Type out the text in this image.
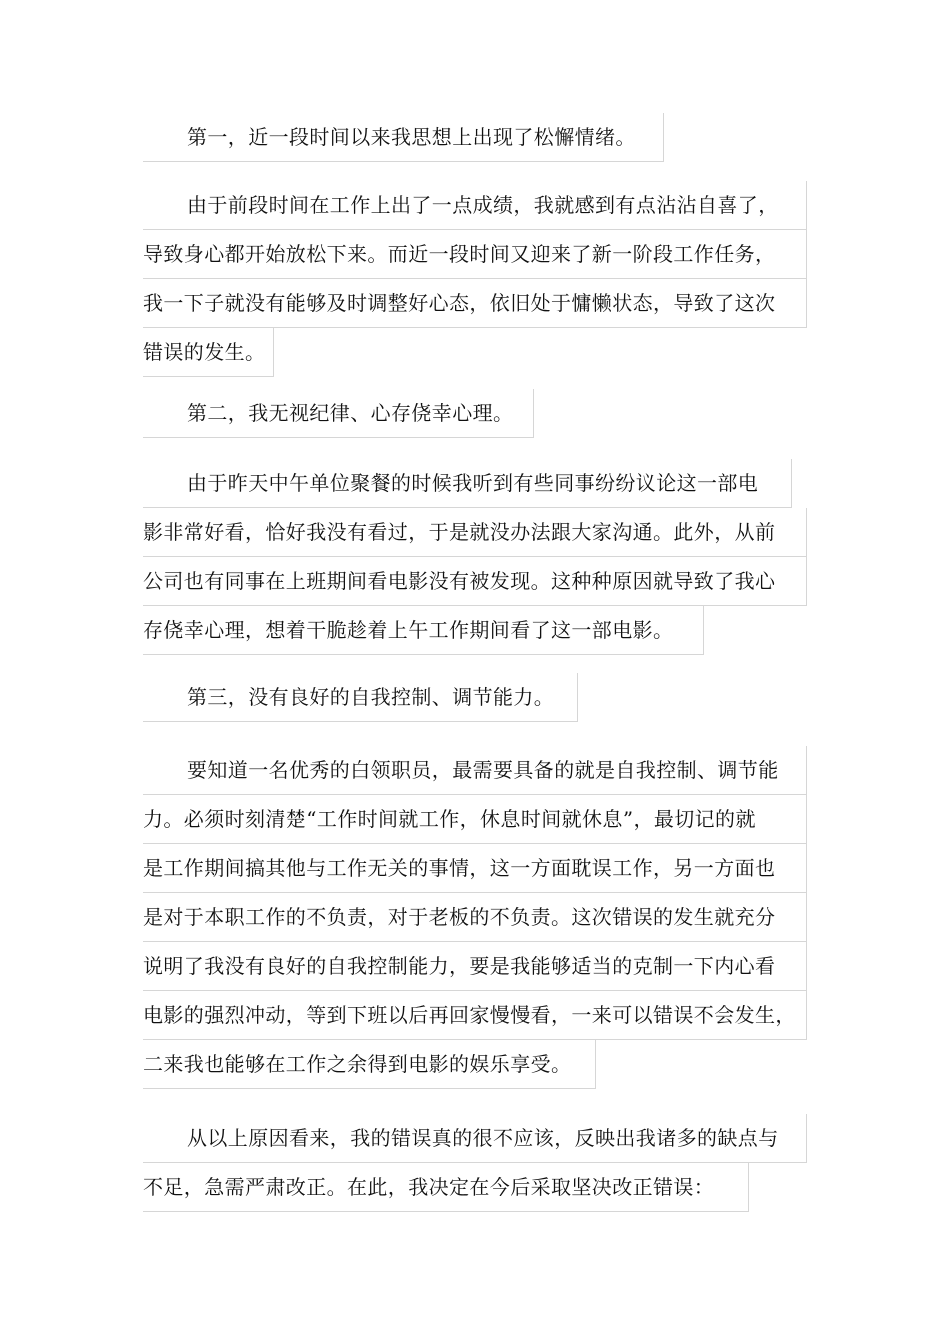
第一，近一段时间以来我思想上出现了松懈情绪。
由于前段时间在工作上出了一点成绩，我就感到有点沾沾自喜了，
导致身心都开始放松下来。而近一段时间又迎来了新一阶段工作任务，
我一下子就没有能够及时调整好心态，依旧处于慵懒状态，导致了这次
错误的发生。
第二，我无视纪律、心存侥幸心理。
由于昨天中午单位聚餐的时候我听到有些同事纷纷议论这一部电
影非常好看，恰好我没有看过，于是就没办法跟大家沟通。此外，从前
公司也有同事在上班期间看电影没有被发现。这种种原因就导致了我心
存侥幸心理，想着干脆趁着上午工作期间看了这一部电影。
第三，没有良好的自我控制、调节能力。
要知道一名优秀的白领职员，最需要具备的就是自我控制、调节能
力。必须时刻清楚“工作时间就工作，休息时间就休息”，最切记的就
是工作期间搞其他与工作无关的事情，这一方面耽误工作，另一方面也
是对于本职工作的不负责，对于老板的不负责。这次错误的发生就充分
说明了我没有良好的自我控制能力，要是我能够适当的克制一下内心看
电影的强烈冲动，等到下班以后再回家慢慢看，一来可以错误不会发生，
二来我也能够在工作之余得到电影的娱乐享受。
从以上原因看来，我的错误真的很不应该，反映出我诸多的缺点与
不足，急需严肃改正。在此，我决定在今后采取坚决改正错误：
